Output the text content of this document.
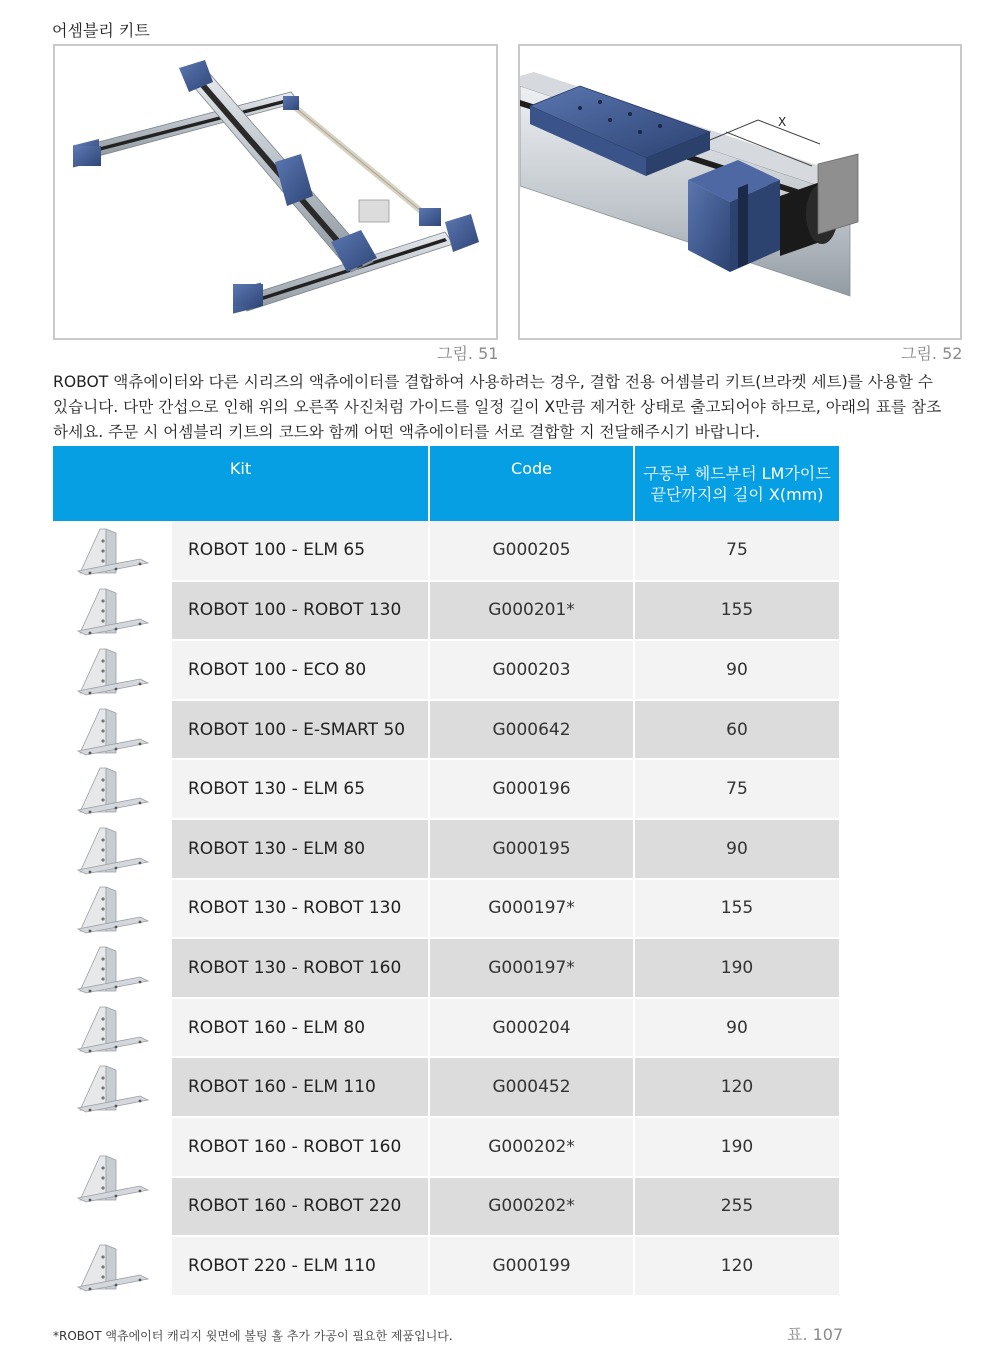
어셈블리 키트
X
그림. 51	그림. 52

ROBOT 액츄에이터와 다른 시리즈의 액츄에이터를 결합하여 사용하려는 경우, 결합 전용 어셈블리 키트(브라켓 세트)를 사용할 수

있습니다. 다만 간섭으로 인해 위의 오른쪽 사진처럼 가이드를 일정 길이 X만큼 제거한 상태로 출고되어야 하므로, 아래의 표를 참조

하세요. 주문 시 어셈블리 키트의 코드와 함께 어떤 액츄에이터를 서로 결합할 지 전달해주시기 바랍니다.

Kit		Code	구동부 헤드부터 LM가이드
끝단까지의 길이 X(mm)
	ROBOT 100 - ELM 65	G000205	75
	ROBOT 100 - ROBOT 130	G000201*	155
	ROBOT 100 - ECO 80	G000203	90
	ROBOT 100 - E-SMART 50	G000642	60
	ROBOT 130 - ELM 65	G000196	75
	ROBOT 130 - ELM 80	G000195	90
	ROBOT 130 - ROBOT 130	G000197*	155
	ROBOT 130 - ROBOT 160	G000197*	190
	ROBOT 160 - ELM 80	G000204	90
	ROBOT 160 - ELM 110	G000452	120
	ROBOT 160 - ROBOT 160	G000202*	190
	ROBOT 160 - ROBOT 220	G000202*	255
	ROBOT 220 - ELM 110	G000199	120
*ROBOT 액츄에이터 캐리지 윗면에 볼팅 홀 추가 가공이 필요한 제품입니다.	표. 107
